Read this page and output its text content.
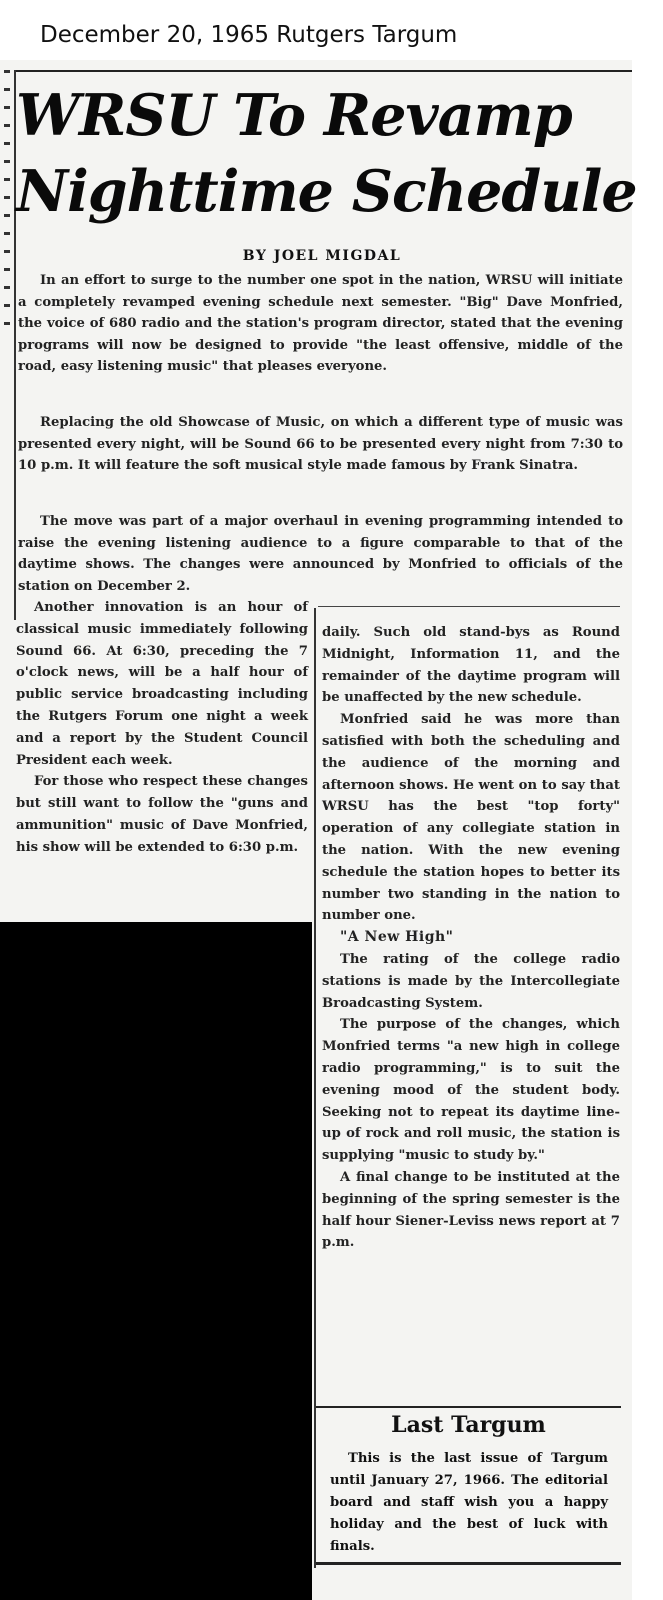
December 20, 1965 Rutgers Targum
WRSU To Revamp
Nighttime Schedule
BY JOEL MIGDAL

In an effort to surge to the number one spot in the nation, WRSU will initiate a completely revamped evening schedule next semester. "Big" Dave Monfried, the voice of 680 radio and the station's program director, stated that the evening programs will now be designed to provide "the least offensive, middle of the road, easy listening music" that pleases everyone.

Replacing the old Showcase of Music, on which a different type of music was presented every night, will be Sound 66 to be presented every night from 7:30 to 10 p.m. It will feature the soft musical style made famous by Frank Sinatra.

The move was part of a major overhaul in evening programming intended to raise the evening listening audience to a figure comparable to that of the daytime shows. The changes were announced by Monfried to officials of the station on December 2.

Another innovation is an hour of classical music immediately following Sound 66. At 6:30, preceding the 7 o'clock news, will be a half hour of public service broadcasting including the Rutgers Forum one night a week and a report by the Student Council President each week.

For those who respect these changes but still want to follow the "guns and ammunition" music of Dave Monfried, his show will be extended to 6:30 p.m.

daily. Such old stand-bys as Round Midnight, Information 11, and the remainder of the daytime program will be unaffected by the new schedule.

Monfried said he was more than satisfied with both the scheduling and the audience of the morning and afternoon shows. He went on to say that WRSU has the best "top forty" operation of any collegiate station in the nation. With the new evening schedule the station hopes to better its number two standing in the nation to number one.

"A New High"

The rating of the college radio stations is made by the Intercollegiate Broadcasting System.

The purpose of the changes, which Monfried terms "a new high in college radio programming," is to suit the evening mood of the student body. Seeking not to repeat its daytime line-up of rock and roll music, the station is supplying "music to study by."

A final change to be instituted at the beginning of the spring semester is the half hour Siener-Leviss news report at 7 p.m.

Last Targum

This is the last issue of Targum until January 27, 1966. The editorial board and staff wish you a happy holiday and the best of luck with finals.
